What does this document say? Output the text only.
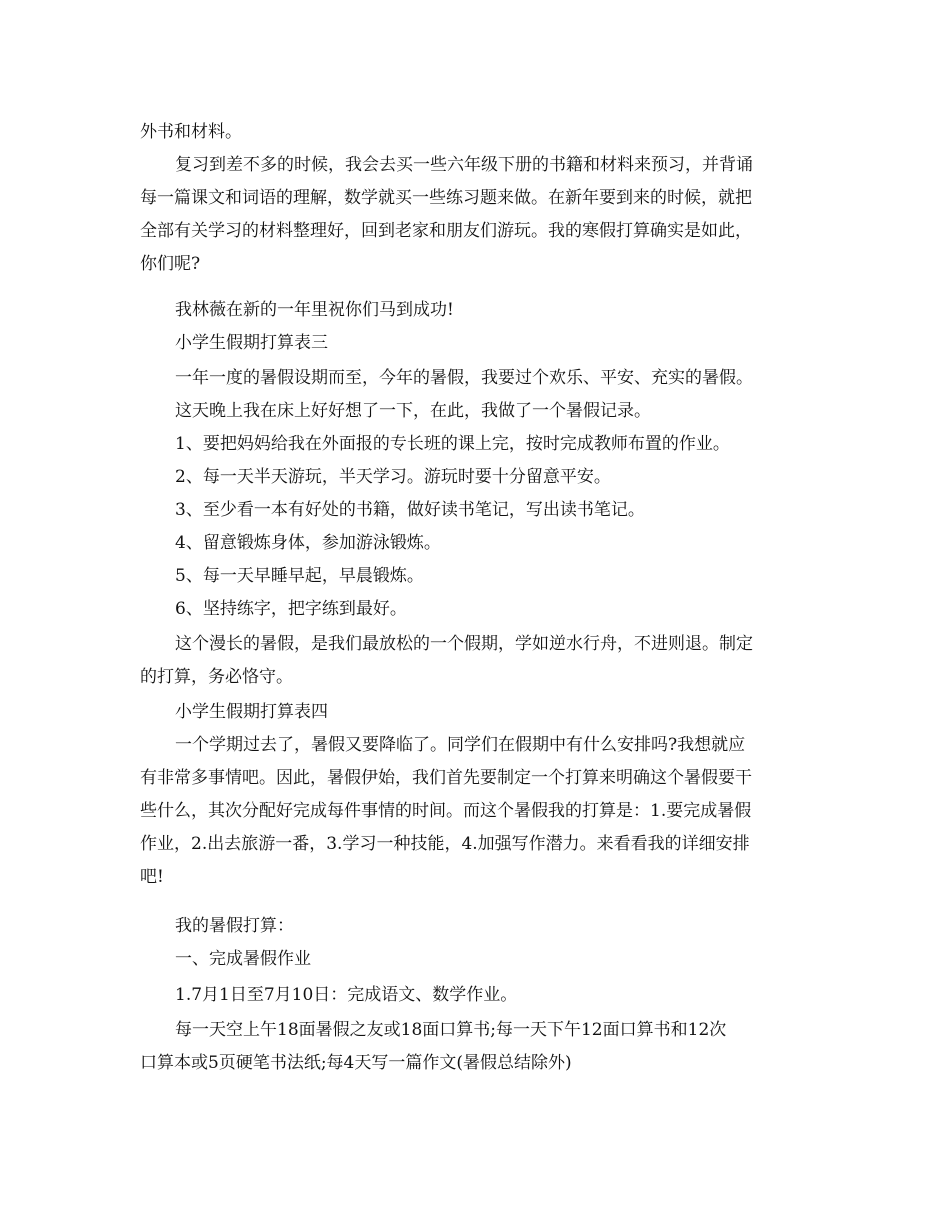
外书和材料。
复习到差不多的时候，我会去买一些六年级下册的书籍和材料来预习，并背诵
每一篇课文和词语的理解，数学就买一些练习题来做。在新年要到来的时候，就把
全部有关学习的材料整理好，回到老家和朋友们游玩。我的寒假打算确实是如此，
你们呢?
我林薇在新的一年里祝你们马到成功!
小学生假期打算表三
一年一度的暑假设期而至，今年的暑假，我要过个欢乐、平安、充实的暑假。
这天晚上我在床上好好想了一下，在此，我做了一个暑假记录。
1、要把妈妈给我在外面报的专长班的课上完，按时完成教师布置的作业。
2、每一天半天游玩，半天学习。游玩时要十分留意平安。
3、至少看一本有好处的书籍，做好读书笔记，写出读书笔记。
4、留意锻炼身体，参加游泳锻炼。
5、每一天早睡早起，早晨锻炼。
6、坚持练字，把字练到最好。
这个漫长的暑假，是我们最放松的一个假期，学如逆水行舟，不进则退。制定
的打算，务必恪守。
小学生假期打算表四
一个学期过去了，暑假又要降临了。同学们在假期中有什么安排吗?我想就应
有非常多事情吧。因此，暑假伊始，我们首先要制定一个打算来明确这个暑假要干
些什么，其次分配好完成每件事情的时间。而这个暑假我的打算是：1.要完成暑假
作业，2.出去旅游一番，3.学习一种技能，4.加强写作潜力。来看看我的详细安排
吧!
我的暑假打算：
一、完成暑假作业
1.7月1日至7月10日：完成语文、数学作业。
每一天空上午18面暑假之友或18面口算书;每一天下午12面口算书和12次
口算本或5页硬笔书法纸;每4天写一篇作文(暑假总结除外)
